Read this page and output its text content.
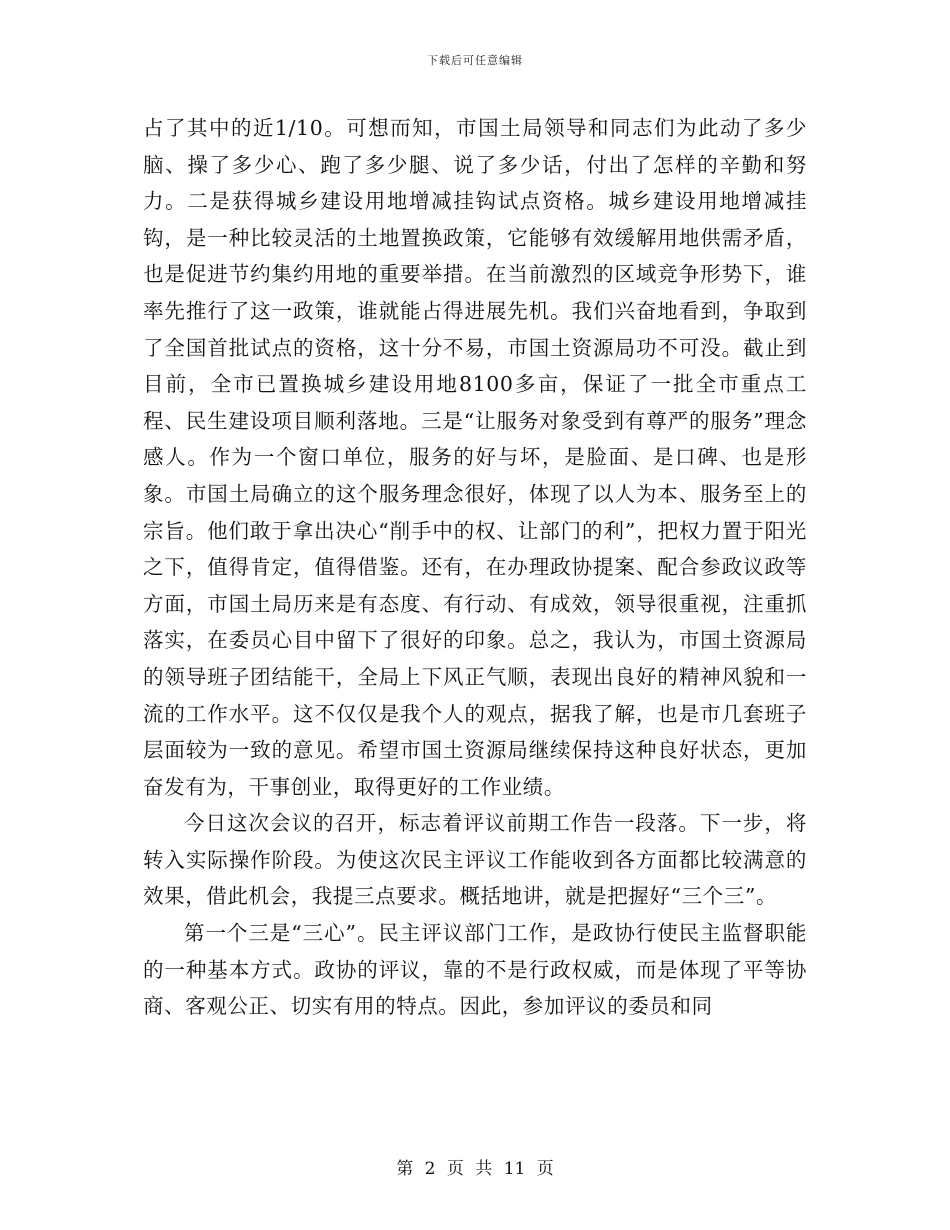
下载后可任意编辑

占了其中的近1/10。可想而知，市国土局领导和同志们为此动了多少脑、操了多少心、跑了多少腿、说了多少话，付出了怎样的辛勤和努力。二是获得城乡建设用地增减挂钩试点资格。城乡建设用地增减挂钩，是一种比较灵活的土地置换政策，它能够有效缓解用地供需矛盾，也是促进节约集约用地的重要举措。在当前激烈的区域竞争形势下，谁率先推行了这一政策，谁就能占得进展先机。我们兴奋地看到，争取到了全国首批试点的资格，这十分不易，市国土资源局功不可没。截止到目前，全市已置换城乡建设用地8100多亩，保证了一批全市重点工程、民生建设项目顺利落地。三是“让服务对象受到有尊严的服务”理念感人。作为一个窗口单位，服务的好与坏，是脸面、是口碑、也是形象。市国土局确立的这个服务理念很好，体现了以人为本、服务至上的宗旨。他们敢于拿出决心“削手中的权、让部门的利”，把权力置于阳光之下，值得肯定，值得借鉴。还有，在办理政协提案、配合参政议政等方面，市国土局历来是有态度、有行动、有成效，领导很重视，注重抓落实，在委员心目中留下了很好的印象。总之，我认为，市国土资源局的领导班子团结能干，全局上下风正气顺，表现出良好的精神风貌和一流的工作水平。这不仅仅是我个人的观点，据我了解，也是市几套班子层面较为一致的意见。希望市国土资源局继续保持这种良好状态，更加奋发有为，干事创业，取得更好的工作业绩。

今日这次会议的召开，标志着评议前期工作告一段落。下一步，将转入实际操作阶段。为使这次民主评议工作能收到各方面都比较满意的效果，借此机会，我提三点要求。概括地讲，就是把握好“三个三”。

第一个三是“三心”。民主评议部门工作，是政协行使民主监督职能的一种基本方式。政协的评议，靠的不是行政权威，而是体现了平等协商、客观公正、切实有用的特点。因此，参加评议的委员和同

第 2 页 共 11 页
